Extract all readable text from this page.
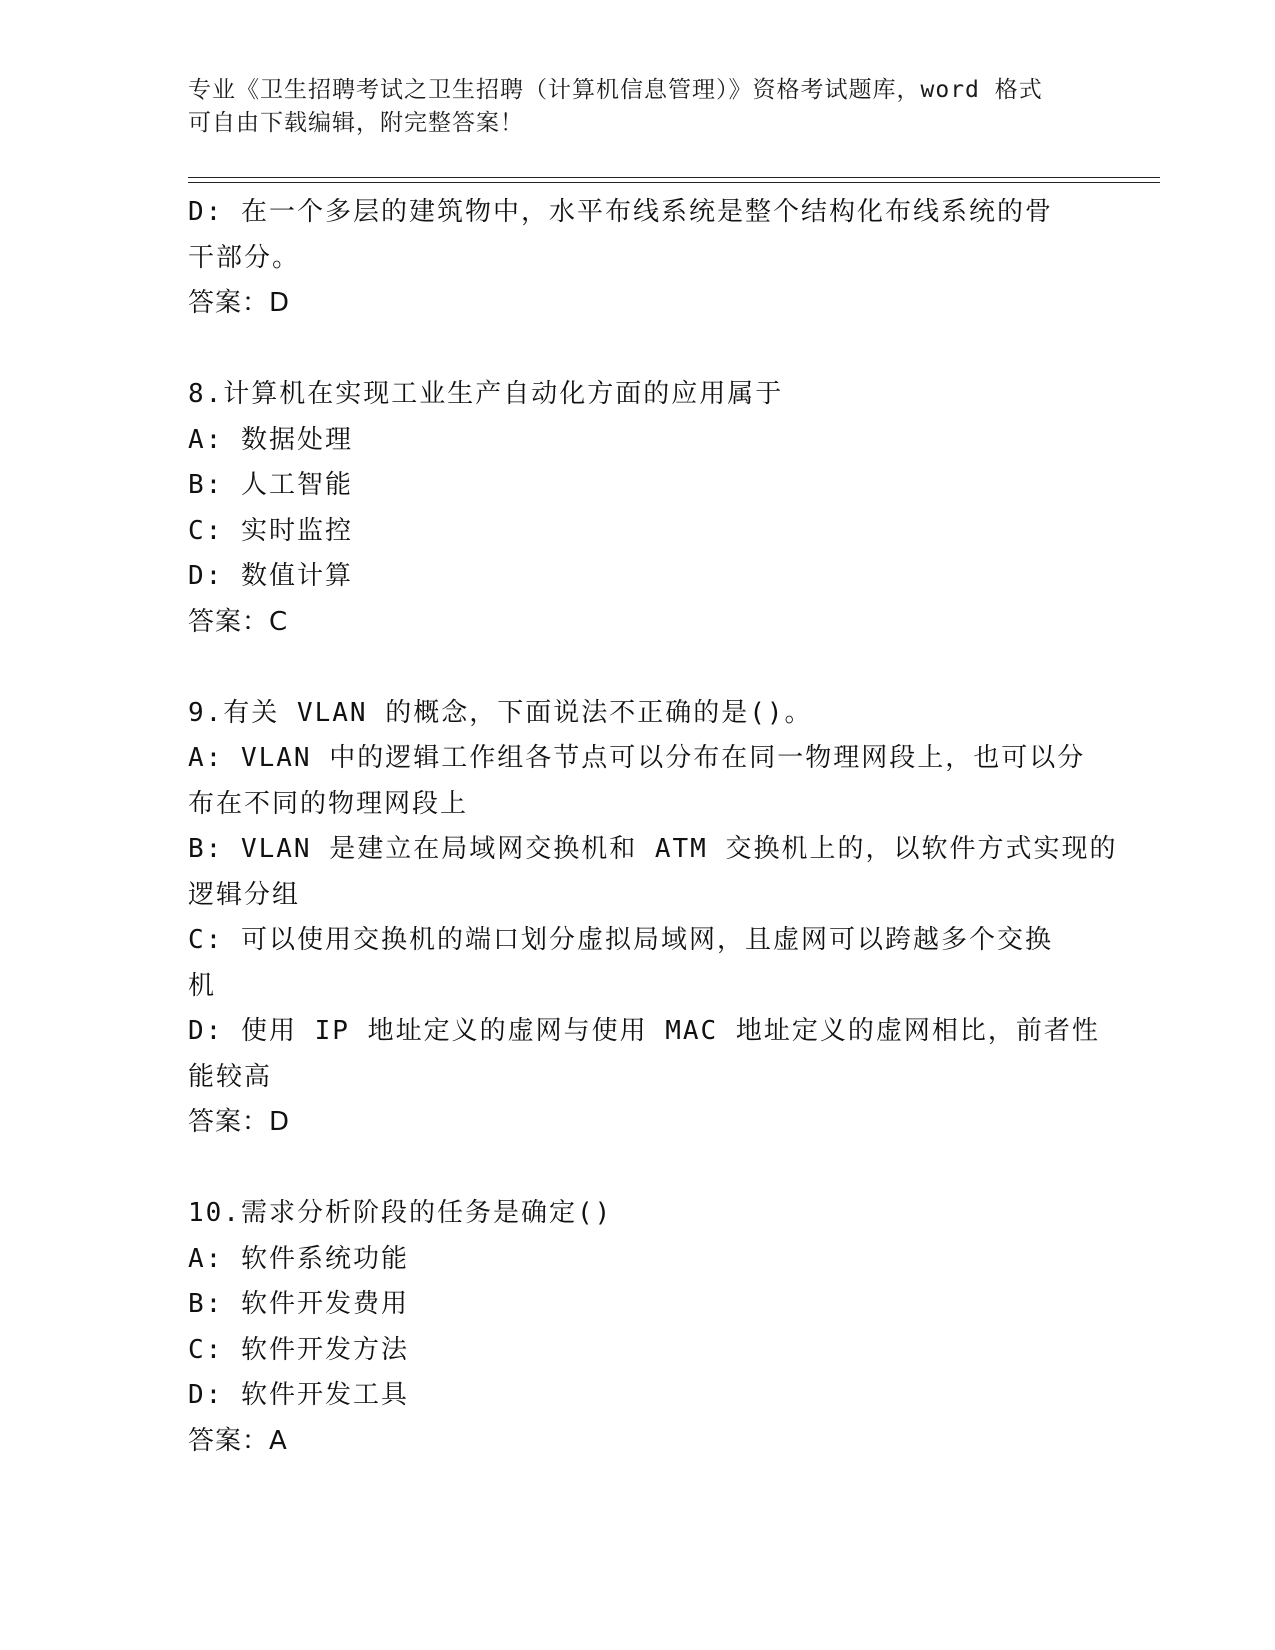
专业《卫生招聘考试之卫生招聘（计算机信息管理）》资格考试题库，word 格式
可自由下载编辑，附完整答案！
D: 在一个多层的建筑物中，水平布线系统是整个结构化布线系统的骨
干部分。
答案：D
8.计算机在实现工业生产自动化方面的应用属于
A: 数据处理
B: 人工智能
C: 实时监控
D: 数值计算
答案：C
9.有关 VLAN 的概念，下面说法不正确的是()。
A: VLAN 中的逻辑工作组各节点可以分布在同一物理网段上，也可以分
布在不同的物理网段上
B: VLAN 是建立在局域网交换机和 ATM 交换机上的，以软件方式实现的
逻辑分组
C: 可以使用交换机的端口划分虚拟局域网，且虚网可以跨越多个交换
机
D: 使用 IP 地址定义的虚网与使用 MAC 地址定义的虚网相比，前者性
能较高
答案：D
10.需求分析阶段的任务是确定()
A: 软件系统功能
B: 软件开发费用
C: 软件开发方法
D: 软件开发工具
答案：A
